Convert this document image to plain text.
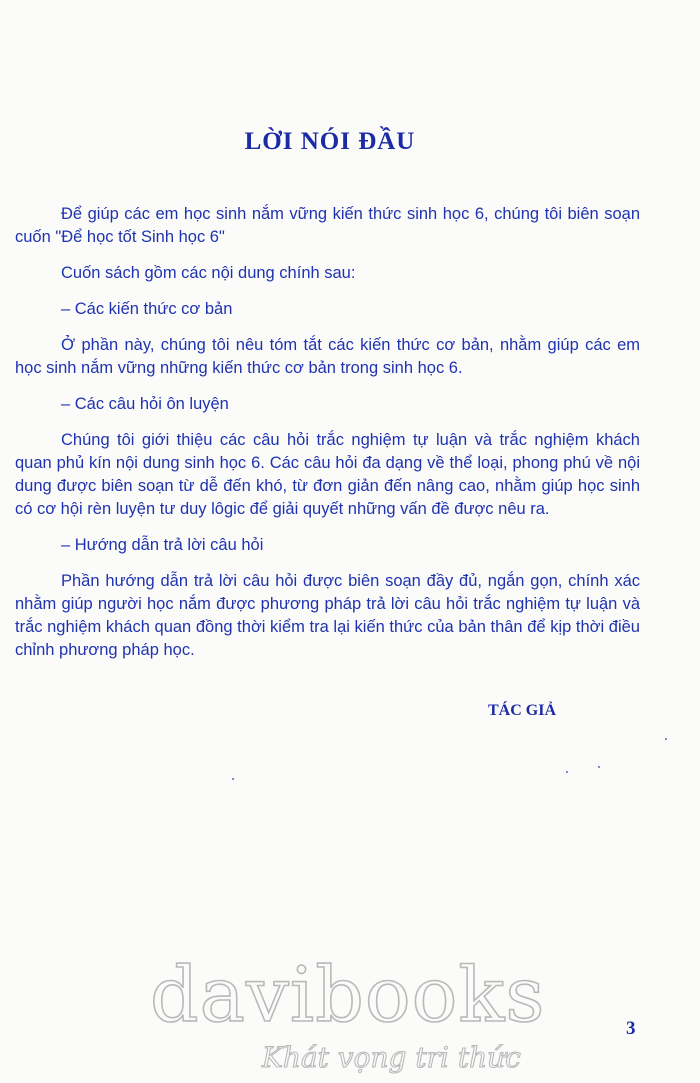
LỜI NÓI ĐẦU

Để giúp các em học sinh nắm vững kiến thức sinh học 6, chúng tôi biên soạn cuốn "Để học tốt Sinh học 6"

Cuốn sách gồm các nội dung chính sau:

– Các kiến thức cơ bản

Ở phần này, chúng tôi nêu tóm tắt các kiến thức cơ bản, nhằm giúp các em học sinh nắm vững những kiến thức cơ bản trong sinh học 6.

– Các câu hỏi ôn luyện

Chúng tôi giới thiệu các câu hỏi trắc nghiệm tự luận và trắc nghiệm khách quan phủ kín nội dung sinh học 6. Các câu hỏi đa dạng về thể loại, phong phú về nội dung được biên soạn từ dễ đến khó, từ đơn giản đến nâng cao, nhằm giúp học sinh có cơ hội rèn luyện tư duy lôgic để giải quyết những vấn đề được nêu ra.

– Hướng dẫn trả lời câu hỏi

Phần hướng dẫn trả lời câu hỏi được biên soạn đầy đủ, ngắn gọn, chính xác nhằm giúp người học nắm được phương pháp trả lời câu hỏi trắc nghiệm tự luận và trắc nghiệm khách quan đồng thời kiểm tra lại kiến thức của bản thân để kịp thời điều chỉnh phương pháp học.

TÁC GIẢ
davibooks
Khát vọng tri thức
3
